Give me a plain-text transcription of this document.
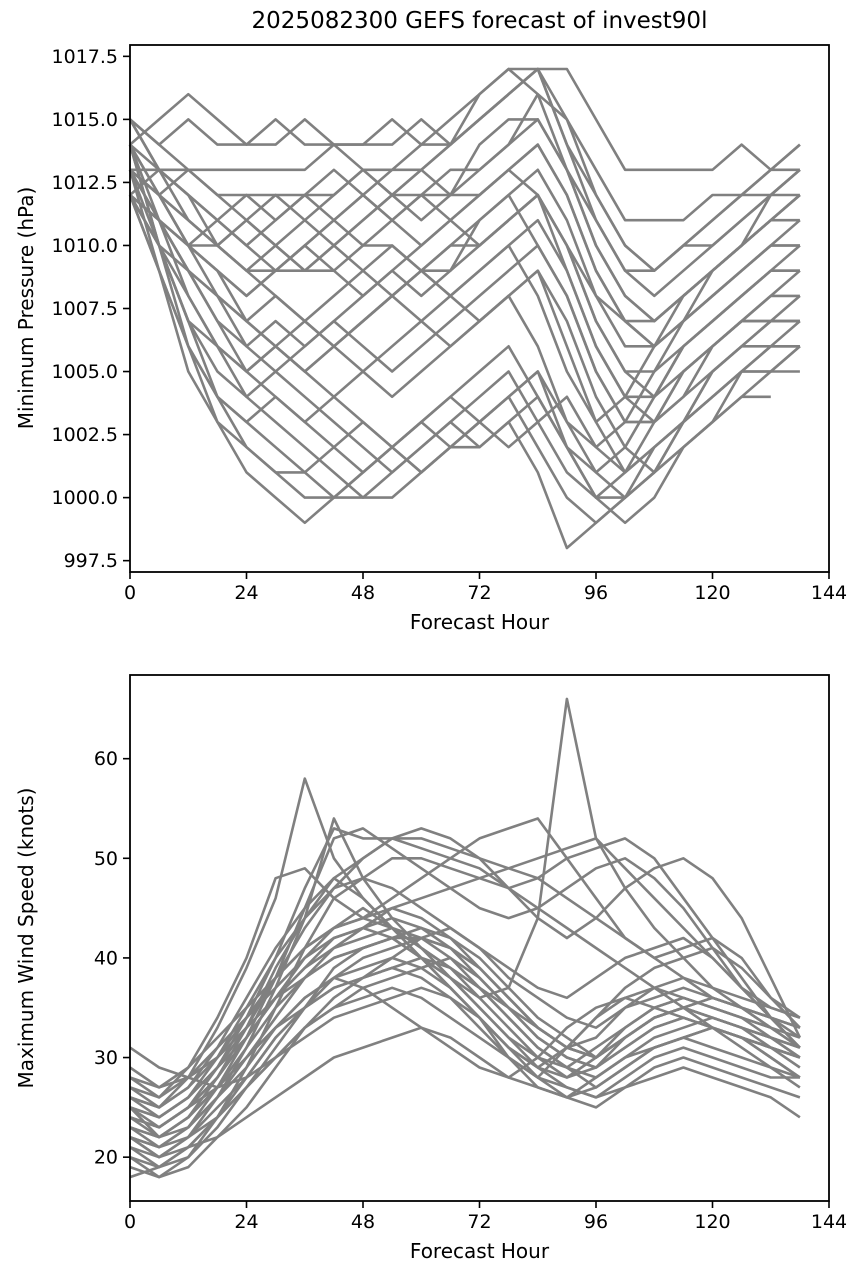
2025082300 GEFS forecast of invest90l
Minimum Pressure (hPa)
Maximum Wind Speed (knots)
Forecast Hour
Forecast Hour
0	24	48	72	96	120	144
997.5
1000.0
1002.5
1005.0
1007.5
1010.0
1012.5
1015.0
1017.5
0	24	48	72	96	120	144
20
30
40
50
60
